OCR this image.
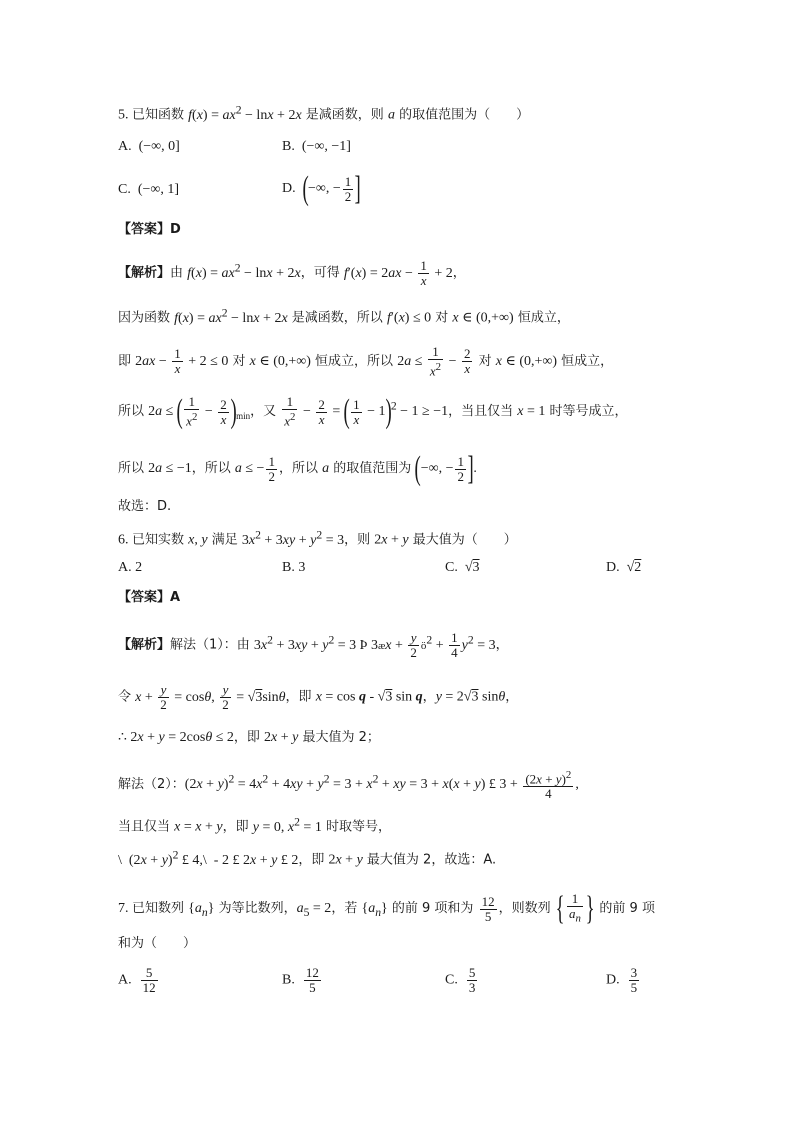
5. 已知函数 $f(x) = ax^2 - \ln x + 2x$ 是减函数，则 a 的取值范围为（　　）
A.  (−∞, 0]	B.  (−∞, −1]
C.  (−∞, 1]	D.  (−∞, − $\frac{1}{2}$ ]
【答案】D
【解析】由 $f(x) = ax^2 - \ln x + 2x$，可得 $f'(x) = 2ax - \frac{1}{x} + 2$，
因为函数 $f(x) = ax^2 - \ln x + 2x$ 是减函数，所以 f′(x) ≤ 0 对 x ∈ (0,+∞) 恒成立，
即 $2ax - \frac{1}{x} + 2 \le 0$ 对 x ∈ (0,+∞) 恒成立，所以 $2a \le \frac{1}{x^2} - \frac{2}{x}$ 对 x ∈ (0,+∞) 恒成立，
所以 2a ≤ ( $\frac{1}{x^2} - \frac{2}{x} )_{min}$，又 $\frac{1}{x^2} - \frac{2}{x}$ = ( $\frac{1}{x} - 1)^2 - 1 \ge -1$，当且仅当 x = 1 时等号成立，
所以 2a ≤ −1，所以 a ≤ − $\frac{1}{2}$ ，所以 a 的取值范围为 (−∞, − $\frac{1}{2}$ ].
故选：D.
6. 已知实数 x, y 满足 $3x^2 + 3xy + y^2 = 3$，则 2x + y 最大值为（　　）
A. 2	B. 3	C.  √3	D.  √2
【答案】A
【解析】解法（1）：由 $3x^2 + 3xy + y^2 = 3$ Þ 3æx + $\frac{y}{2}$ $ö^2 + \frac{1}{4} y^2 = 3$，
令 $x + \frac{y}{2} = \cos\theta$, $\frac{y}{2} = √3\sin\theta$，即 x = cos q - √3 sin q，y = 2√3 sinθ，
∴ 2x + y = 2cosθ ≤ 2，即 2x + y 最大值为 2；
解法（2）：$(2x + y)^2 = 4x^2 + 4xy + y^2 = 3 + x^2$ + xy = 3 + x(x + y) £ $3 + \frac{(2x + y)^2}{4}$ ,
当且仅当 x = x + y，即 y = 0, $x^2 = 1$ 时取等号，
\  $(2x + y)^2$ £ 4,\  - 2 £ 2x + y £ 2，即 2x + y 最大值为 2，故选：A.
7. 已知数列 $\{a_n\}$ 为等比数列，$a_5 = 2$，若 $\{a_n\}$ 的前 9 项和为 $\frac{12}{5}$ ，则数列 { $\frac{1}{a_n}$ } 的前 9 项
和为（　　）
A. $\frac{5}{12}$	B. $\frac{12}{5}$	C. $\frac{5}{3}$	D. $\frac{3}{5}$
